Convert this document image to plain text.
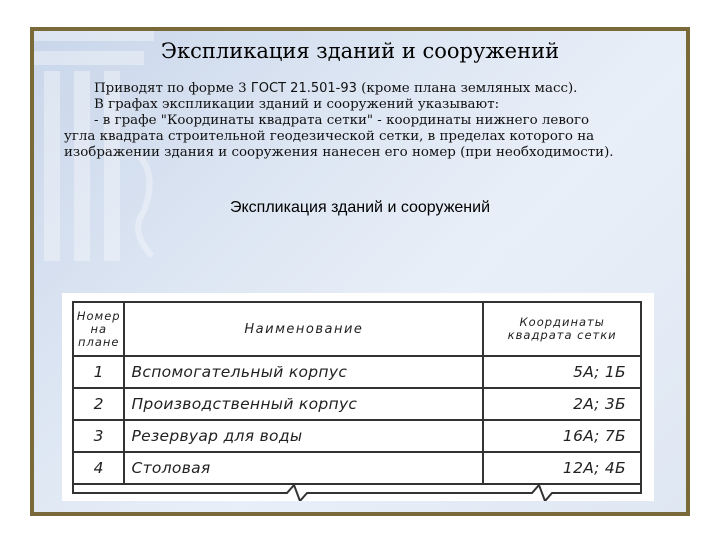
Экспликация зданий и сооружений

Приводят по форме 3 ГОСТ 21.501-93 (кроме плана земляных масс).

В графах экспликации зданий и сооружений указывают:

- в графе "Координаты квадрата сетки" - координаты нижнего левого

угла квадрата строительной геодезической сетки, в пределах которого на

изображении здания и сооружения нанесен его номер (при необходимости).

Экспликация зданий и сооружений
Номер
на
плане	Наименование	Координаты
квадрата сетки
1	Вспомогательный корпус	5А; 1Б
2	Производственный корпус	2А; 3Б
3	Резервуар для воды	16А; 7Б
4	Столовая	12А; 4Б
